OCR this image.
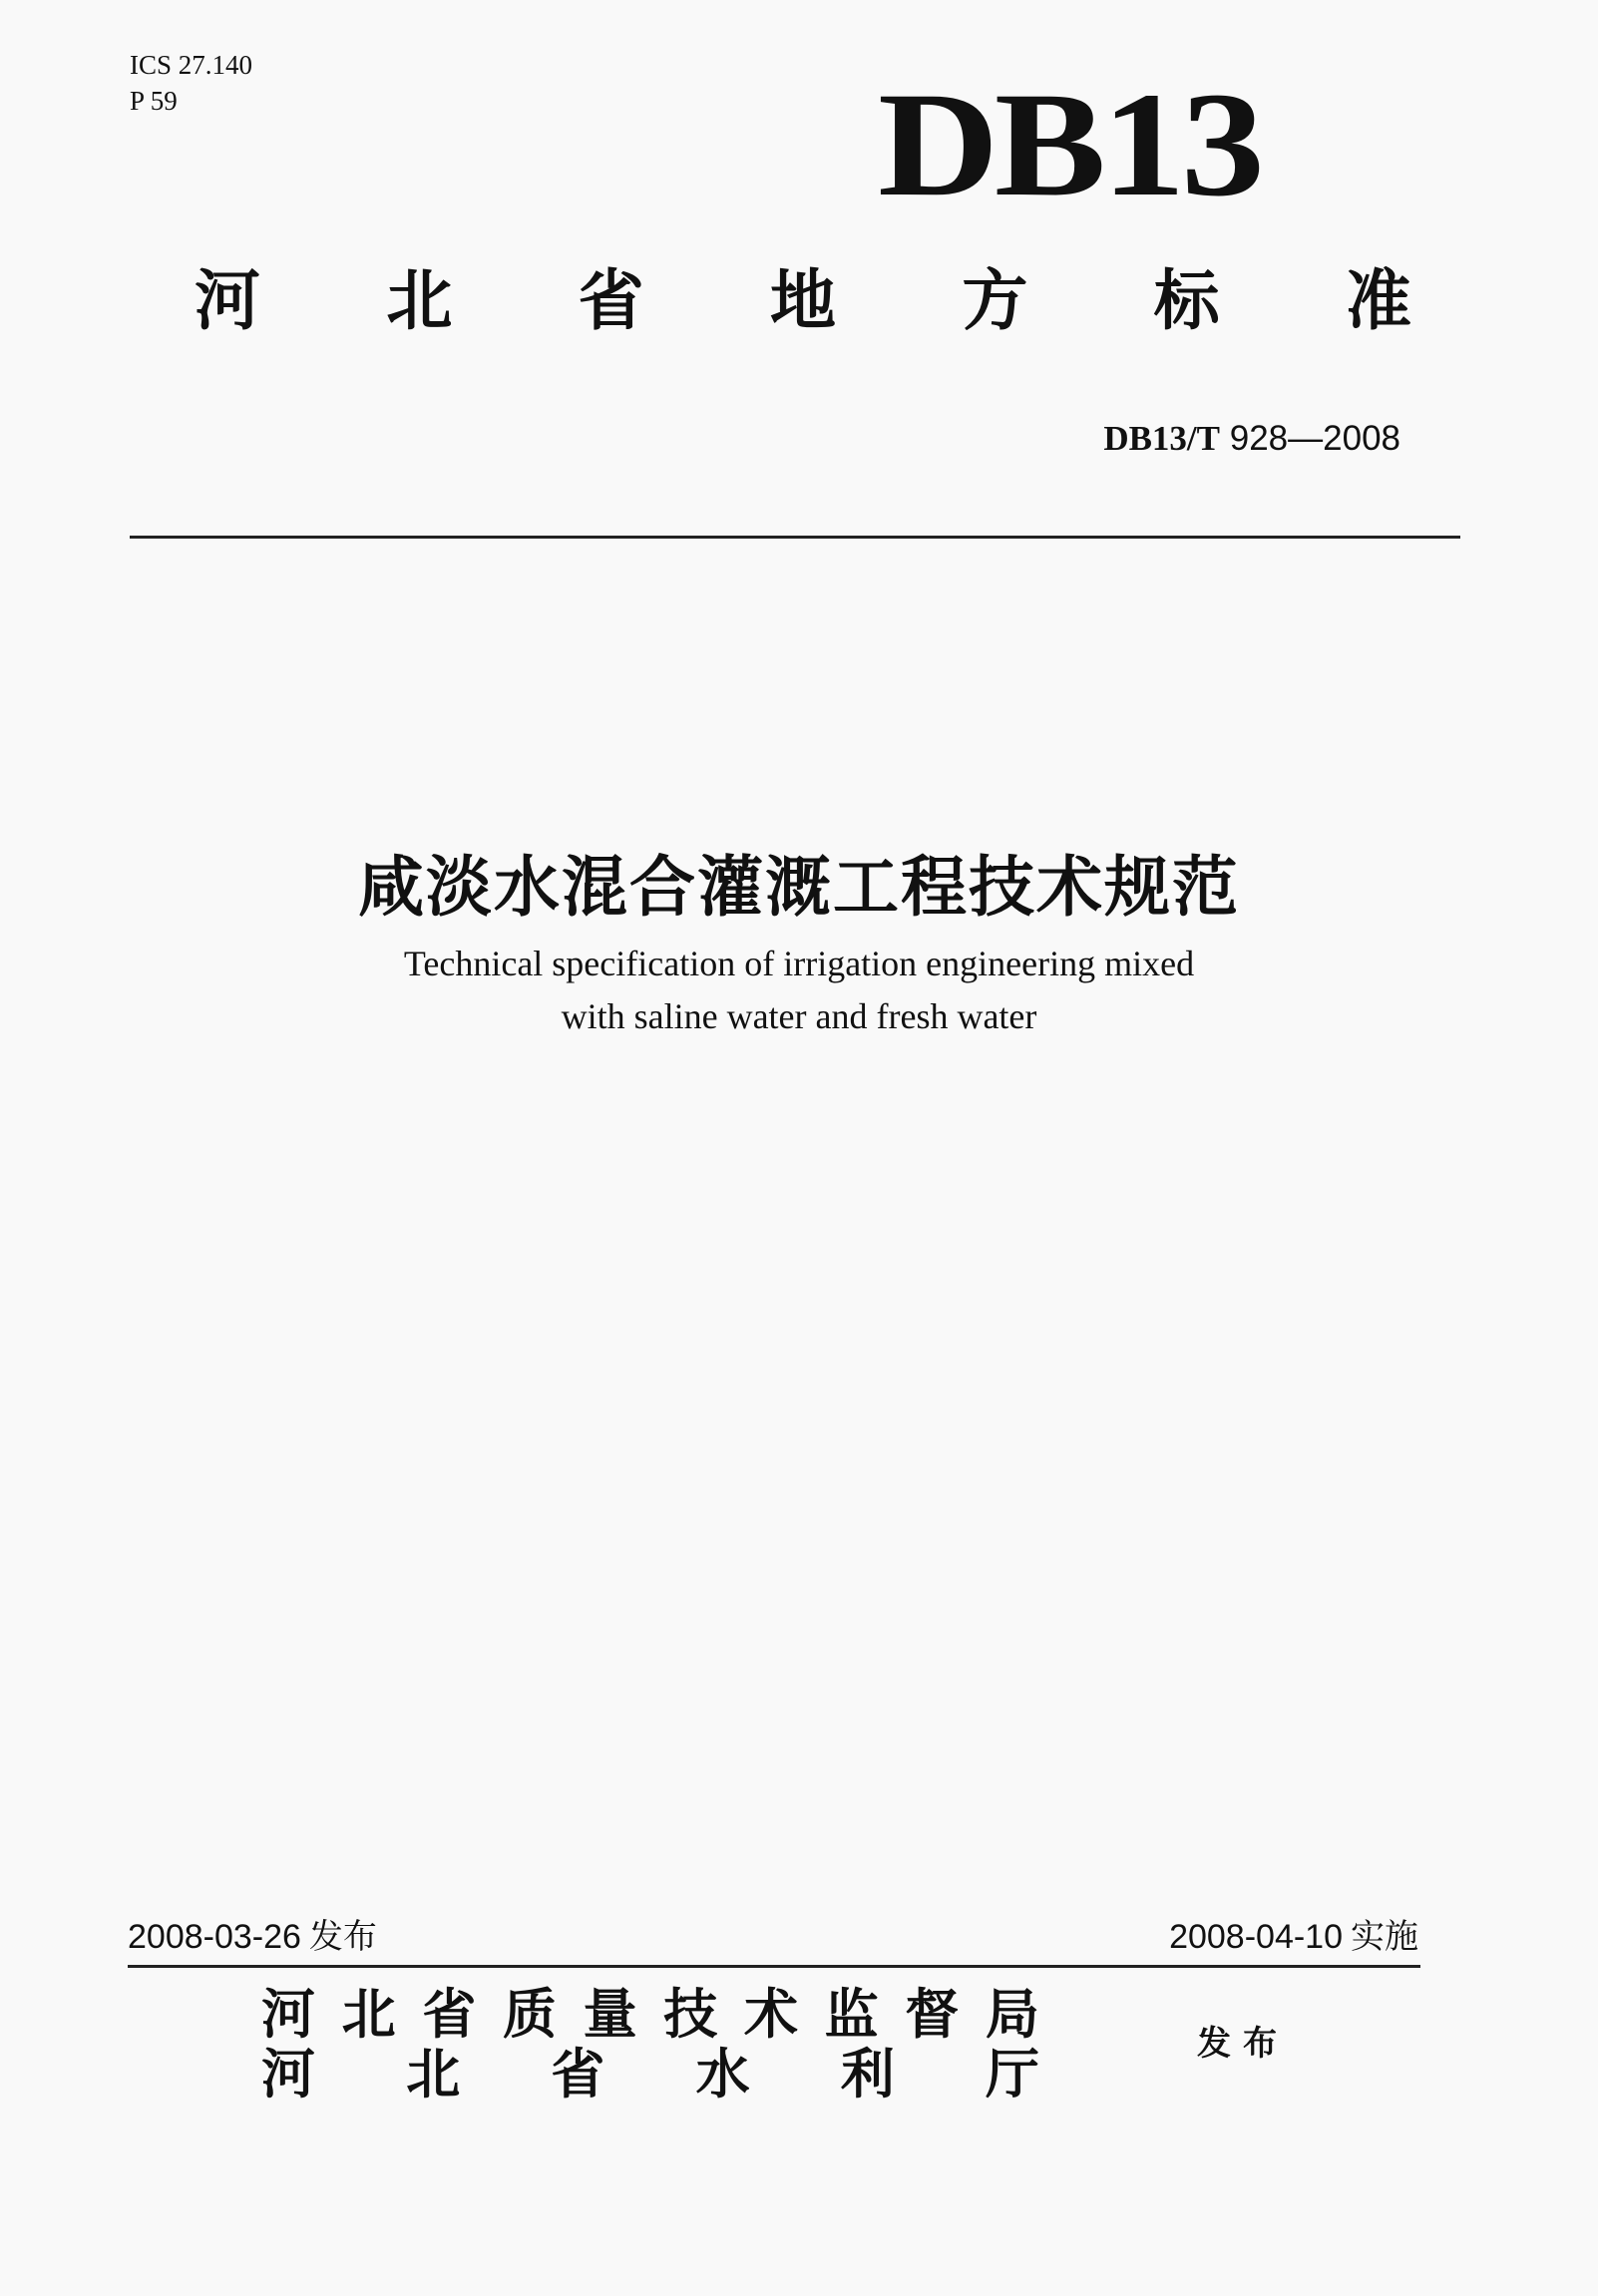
ICS 27.140
P 59	DB13
河 北 省 地 方 标 准
DB13/T 928—2008
咸淡水混合灌溉工程技术规范
Technical specification of irrigation engineering mixed
with saline water and fresh water
2008-03-26 发布	2008-04-10 实施
河 北 省 质 量 技 术 监 督 局
河 北 省 水 利 厅	发布
